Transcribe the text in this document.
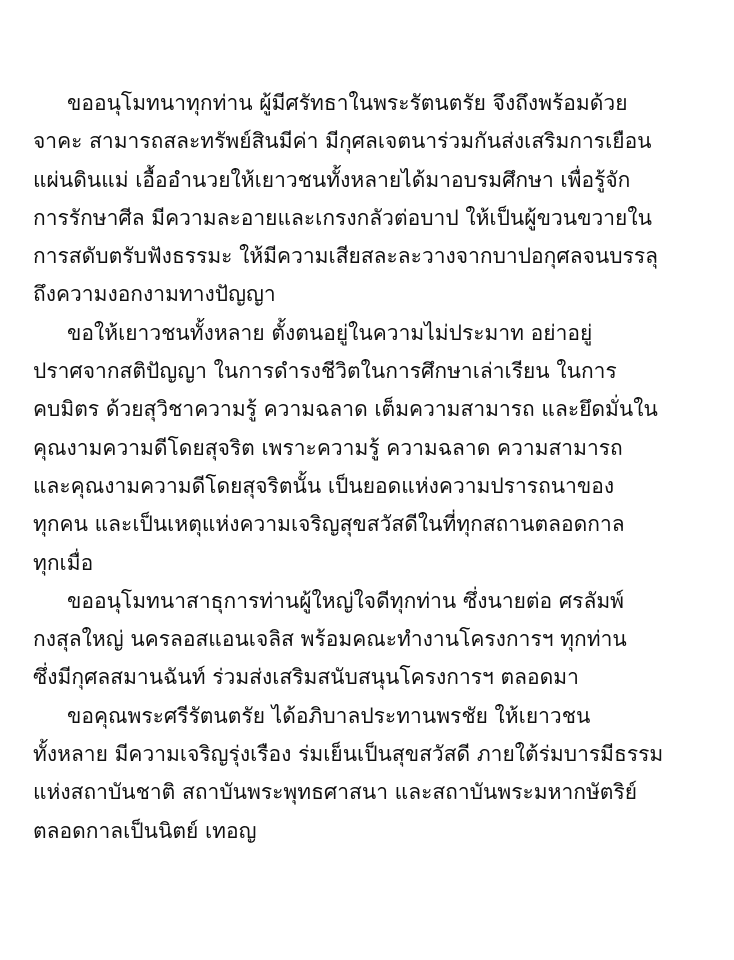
ขออนุโมทนาทุกท่าน ผู้มีศรัทธาในพระรัตนตรัย จึงถึงพร้อมด้วย
จาคะ สามารถสละทรัพย์สินมีค่า มีกุศลเจตนาร่วมกันส่งเสริมการเยือน
แผ่นดินแม่ เอื้ออำนวยให้เยาวชนทั้งหลายได้มาอบรมศึกษา เพื่อรู้จัก
การรักษาศีล มีความละอายและเกรงกลัวต่อบาป ให้เป็นผู้ขวนขวายใน
การสดับตรับฟังธรรมะ ให้มีความเสียสละละวางจากบาปอกุศลจนบรรลุ
ถึงความงอกงามทางปัญญา
ขอให้เยาวชนทั้งหลาย ตั้งตนอยู่ในความไม่ประมาท อย่าอยู่
ปราศจากสติปัญญา ในการดำรงชีวิตในการศึกษาเล่าเรียน ในการ
คบมิตร ด้วยสุวิชาความรู้ ความฉลาด เต็มความสามารถ และยึดมั่นใน
คุณงามความดีโดยสุจริต เพราะความรู้ ความฉลาด ความสามารถ
และคุณงามความดีโดยสุจริตนั้น เป็นยอดแห่งความปรารถนาของ
ทุกคน และเป็นเหตุแห่งความเจริญสุขสวัสดีในที่ทุกสถานตลอดกาล
ทุกเมื่อ
ขออนุโมทนาสาธุการท่านผู้ใหญ่ใจดีทุกท่าน ซึ่งนายต่อ ศรลัมพ์
กงสุลใหญ่ นครลอสแอนเจลิส พร้อมคณะทำงานโครงการฯ ทุกท่าน
ซึ่งมีกุศลสมานฉันท์ ร่วมส่งเสริมสนับสนุนโครงการฯ ตลอดมา
ขอคุณพระศรีรัตนตรัย ได้อภิบาลประทานพรชัย ให้เยาวชน
ทั้งหลาย มีความเจริญรุ่งเรือง ร่มเย็นเป็นสุขสวัสดี ภายใต้ร่มบารมีธรรม
แห่งสถาบันชาติ สถาบันพระพุทธศาสนา และสถาบันพระมหากษัตริย์
ตลอดกาลเป็นนิตย์ เทอญ
